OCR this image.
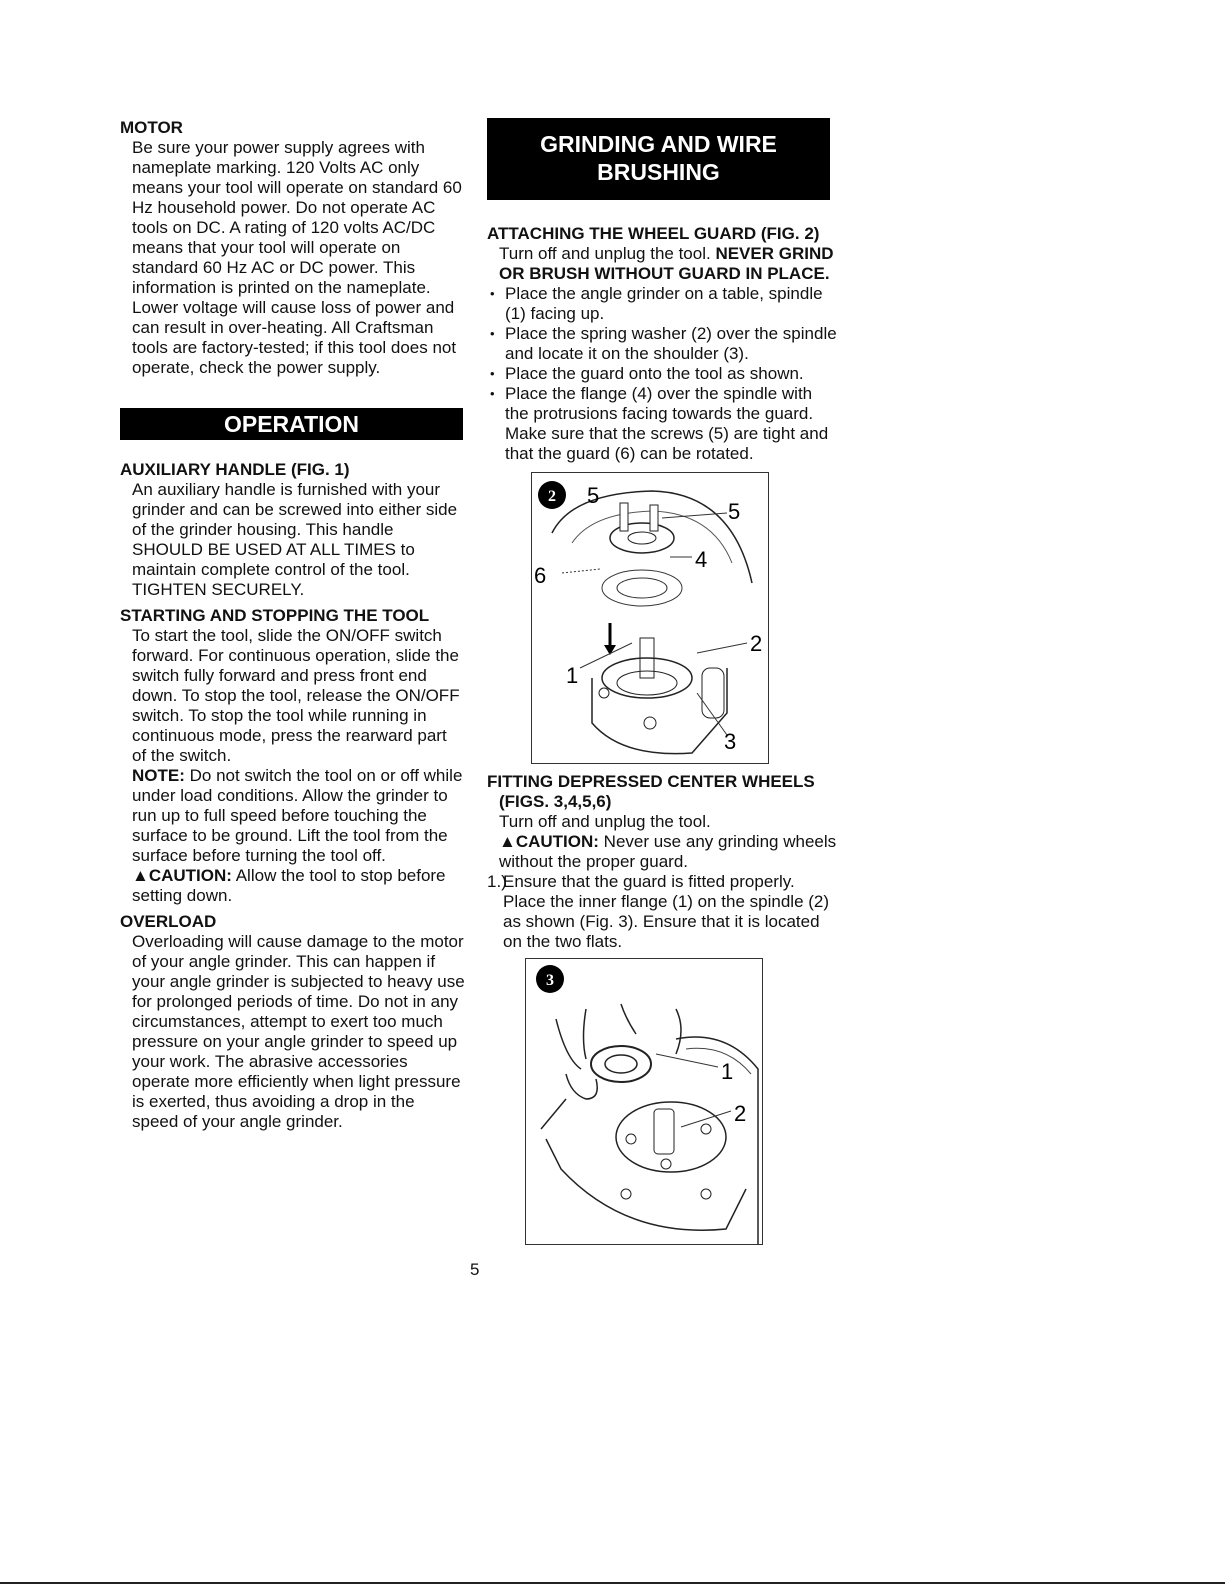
MOTOR

Be sure your power supply agrees with nameplate marking. 120 Volts AC only means your tool will operate on standard 60 Hz household power. Do not operate AC tools on DC. A rating of 120 volts AC/DC means that your tool will operate on standard 60 Hz AC or DC power. This information is printed on the nameplate. Lower voltage will cause loss of power and can result in over-heating. All Craftsman tools are factory-tested; if this tool does not operate, check the power supply.

OPERATION

AUXILIARY HANDLE (FIG. 1)

An auxiliary handle is furnished with your grinder and can be screwed into either side of the grinder housing. This handle SHOULD BE USED AT ALL TIMES to maintain complete control of the tool. TIGHTEN SECURELY.

STARTING AND STOPPING THE TOOL

To start the tool, slide the ON/OFF switch forward. For continuous operation, slide the switch fully forward and press front end down. To stop the tool, release the ON/OFF switch. To stop the tool while running in continuous mode, press the rearward part of the switch.
NOTE: Do not switch the tool on or off while under load conditions. Allow the grinder to run up to full speed before touching the surface to be ground. Lift the tool from the surface before turning the tool off. ▲CAUTION: Allow the tool to stop before setting down.

OVERLOAD

Overloading will cause damage to the motor of your angle grinder. This can happen if your angle grinder is subjected to heavy use for prolonged periods of time. Do not in any circumstances, attempt to exert too much pressure on your angle grinder to speed up your work. The abrasive accessories operate more efficiently when light pressure is exerted, thus avoiding a drop in the speed of your angle grinder.

GRINDING AND WIRE
BRUSHING

ATTACHING THE WHEEL GUARD (FIG. 2)

Turn off and unplug the tool. NEVER GRIND OR BRUSH WITHOUT GUARD IN PLACE.

• Place the angle grinder on a table, spindle (1) facing up.

• Place the spring washer (2) over the spindle and locate it on the shoulder (3).

• Place the guard onto the tool as shown.

• Place the flange (4) over the spindle with the protrusions facing towards the guard. Make sure that the screws (5) are tight and that the guard (6) can be rotated.

2 5
5
4
6
2
1
3

FITTING DEPRESSED CENTER WHEELS
(FIGS. 3,4,5,6)

Turn off and unplug the tool.

▲CAUTION: Never use any grinding wheels without the proper guard.

1.)
Ensure that the guard is fitted properly. Place the inner flange (1) on the spindle (2) as shown (Fig. 3). Ensure that it is located on the two flats.

3
1
2
5
